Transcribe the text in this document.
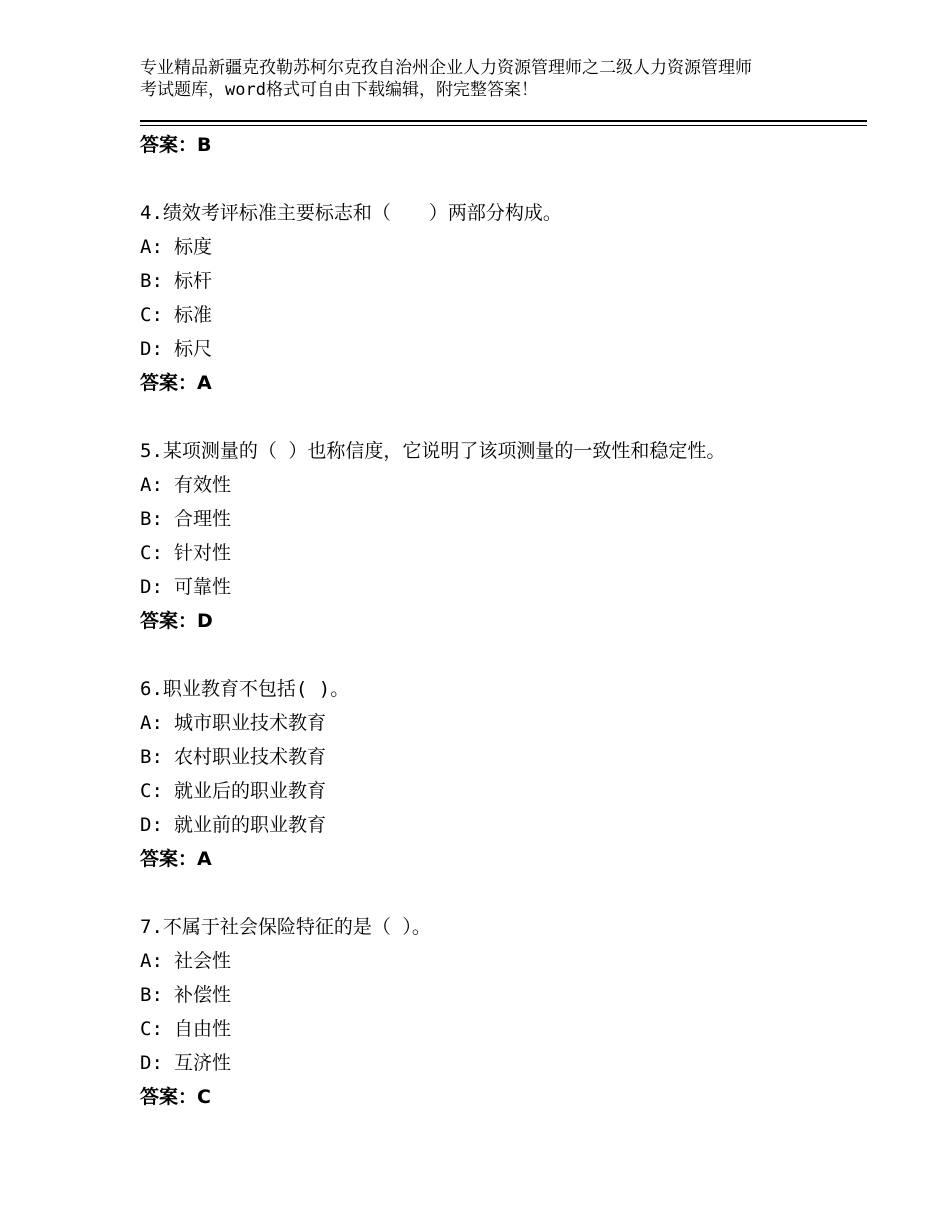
专业精品新疆克孜勒苏柯尔克孜自治州企业人力资源管理师之二级人力资源管理师
考试题库，word格式可自由下载编辑，附完整答案！
答案：B
4.绩效考评标准主要标志和（　　）两部分构成。
A: 标度
B: 标杆
C: 标准
D: 标尺
答案：A
5.某项测量的（ ）也称信度，它说明了该项测量的一致性和稳定性。
A: 有效性
B: 合理性
C: 针对性
D: 可靠性
答案：D
6.职业教育不包括( )。
A: 城市职业技术教育
B: 农村职业技术教育
C: 就业后的职业教育
D: 就业前的职业教育
答案：A
7.不属于社会保险特征的是（ ）。
A: 社会性
B: 补偿性
C: 自由性
D: 互济性
答案：C
